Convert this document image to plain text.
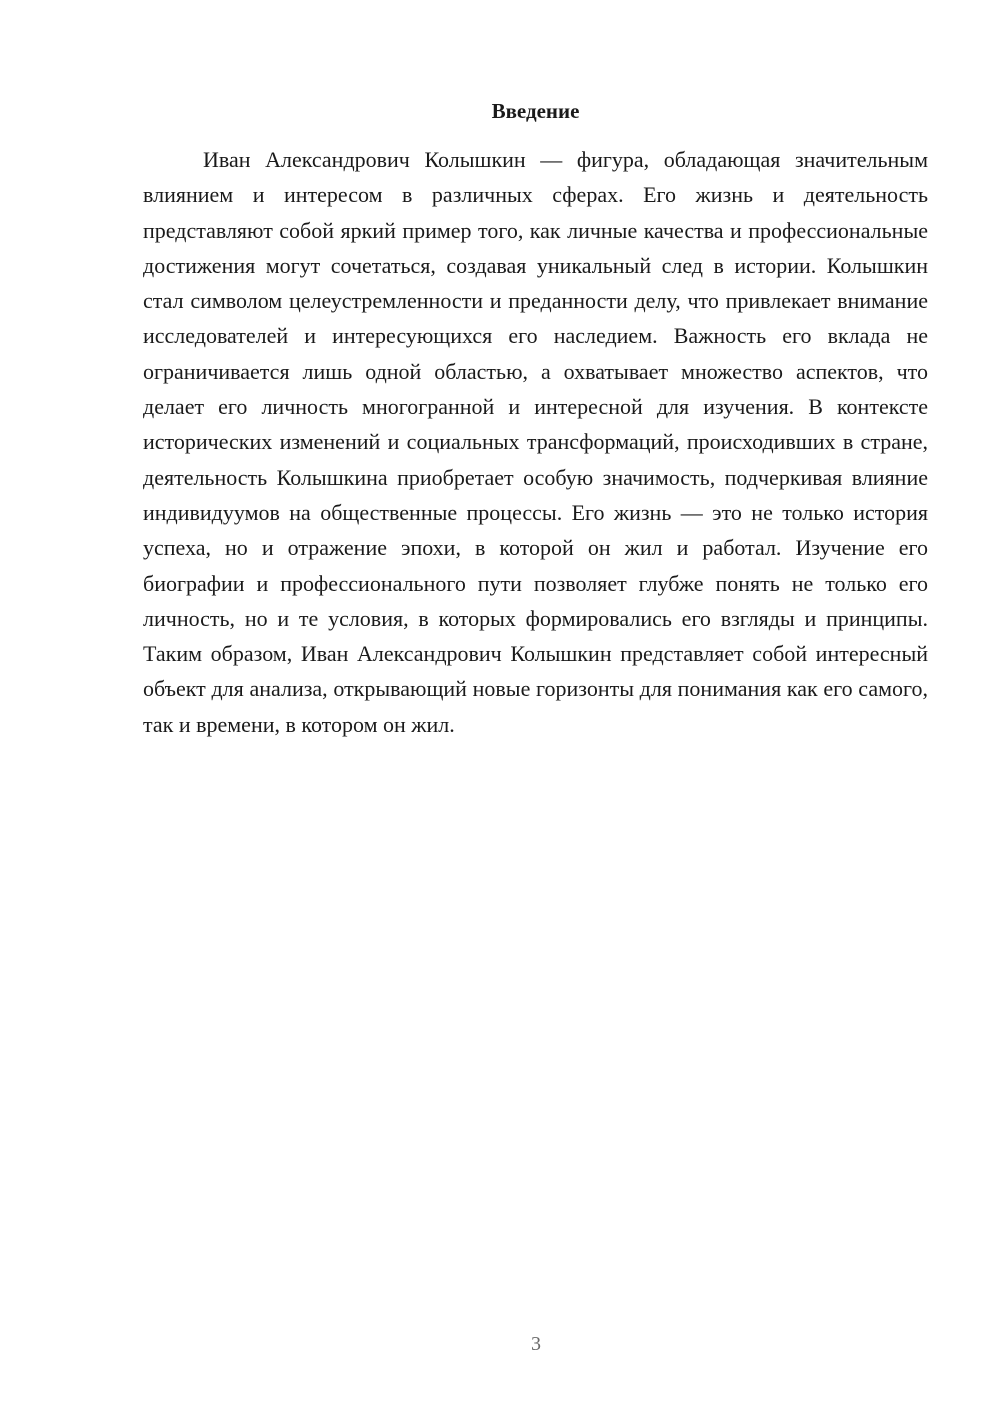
Введение

Иван Александрович Колышкин — фигура, обладающая значительным влиянием и интересом в различных сферах. Его жизнь и деятельность представляют собой яркий пример того, как личные качества и профессиональные достижения могут сочетаться, создавая уникальный след в истории. Колышкин стал символом целеустремленности и преданности делу, что привлекает внимание исследователей и интересующихся его наследием. Важность его вклада не ограничивается лишь одной областью, а охватывает множество аспектов, что делает его личность многогранной и интересной для изучения. В контексте исторических изменений и социальных трансформаций, происходивших в стране, деятельность Колышкина приобретает особую значимость, подчеркивая влияние индивидуумов на общественные процессы. Его жизнь — это не только история успеха, но и отражение эпохи, в которой он жил и работал. Изучение его биографии и профессионального пути позволяет глубже понять не только его личность, но и те условия, в которых формировались его взгляды и принципы. Таким образом, Иван Александрович Колышкин представляет собой интересный объект для анализа, открывающий новые горизонты для понимания как его самого, так и времени, в котором он жил.

3
